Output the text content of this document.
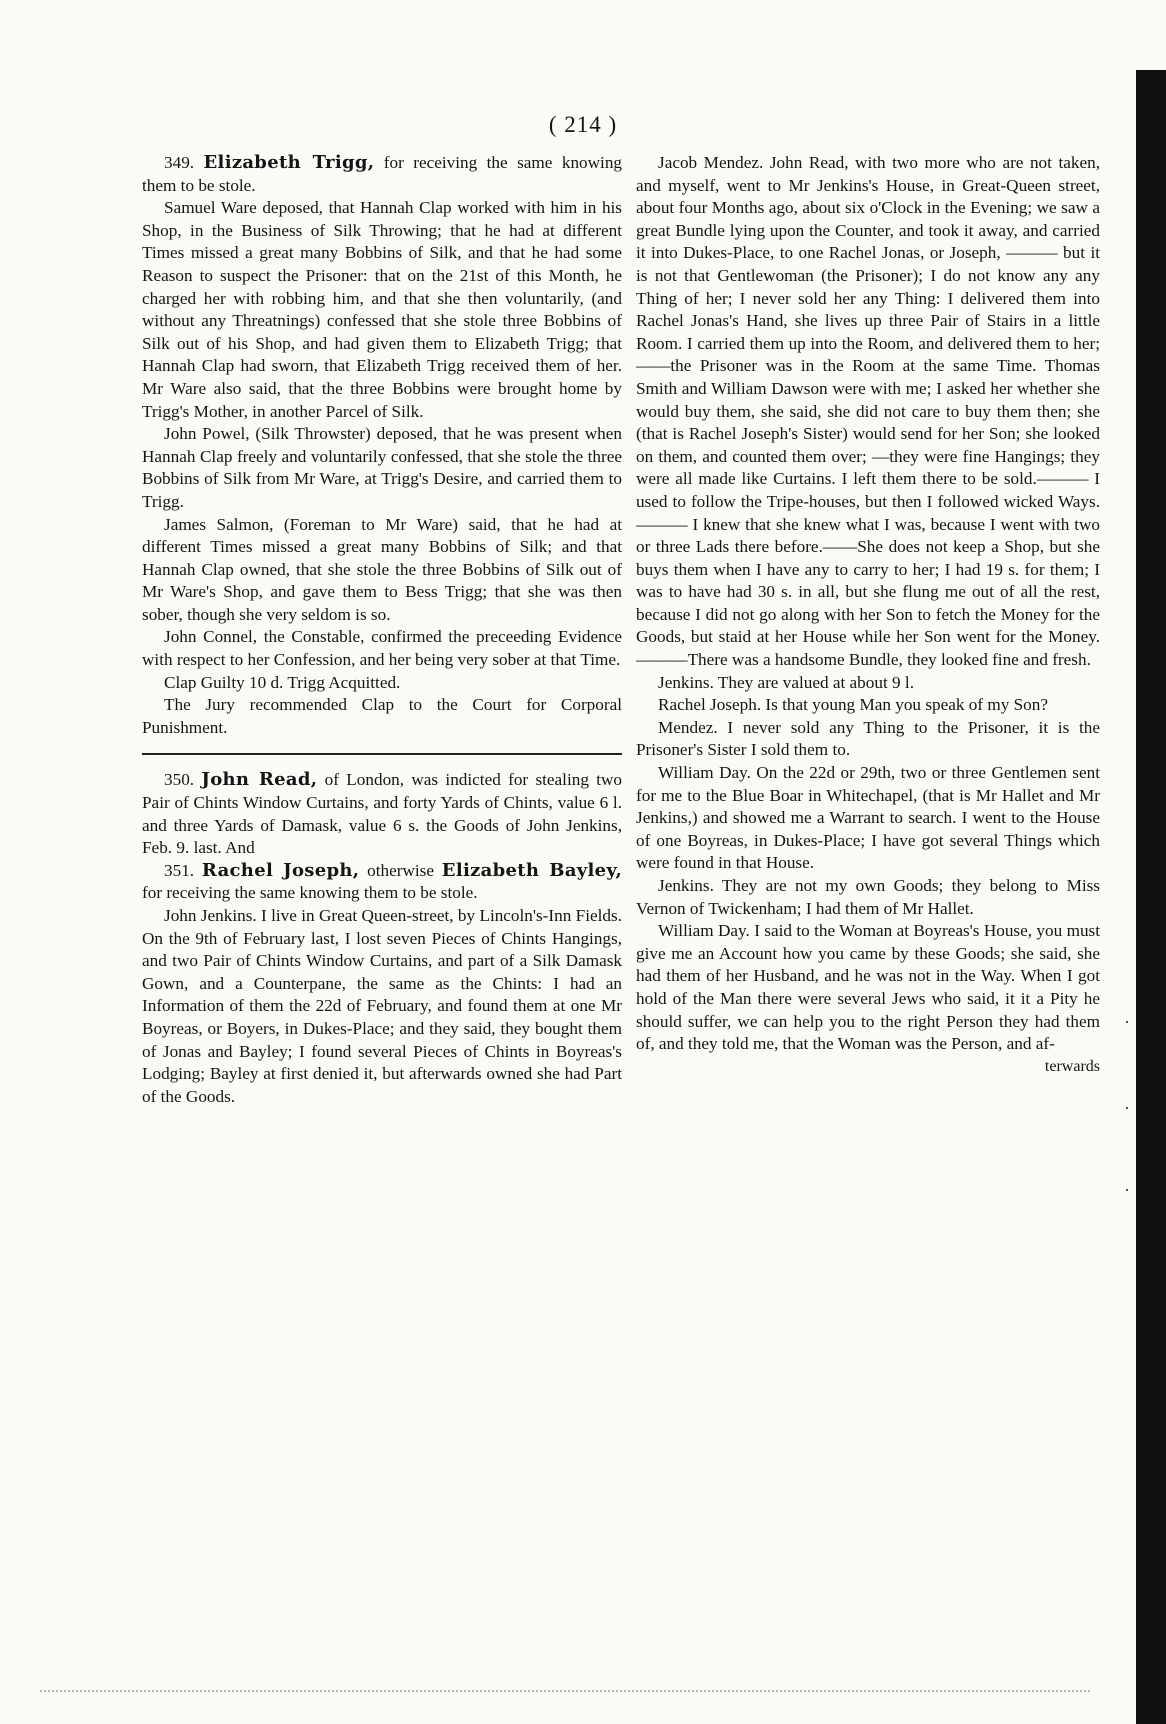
( 214 )

349. Elizabeth Trigg, for receiving the same knowing them to be stole.

Samuel Ware deposed, that Hannah Clap worked with him in his Shop, in the Business of Silk Throwing; that he had at different Times missed a great many Bobbins of Silk, and that he had some Reason to suspect the Prisoner: that on the 21st of this Month, he charged her with robbing him, and that she then voluntarily, (and without any Threatnings) confessed that she stole three Bobbins of Silk out of his Shop, and had given them to Elizabeth Trigg; that Hannah Clap had sworn, that Elizabeth Trigg received them of her. Mr Ware also said, that the three Bobbins were brought home by Trigg's Mother, in another Parcel of Silk.

John Powel, (Silk Throwster) deposed, that he was present when Hannah Clap freely and voluntarily confessed, that she stole the three Bobbins of Silk from Mr Ware, at Trigg's Desire, and carried them to Trigg.

James Salmon, (Foreman to Mr Ware) said, that he had at different Times missed a great many Bobbins of Silk; and that Hannah Clap owned, that she stole the three Bobbins of Silk out of Mr Ware's Shop, and gave them to Bess Trigg; that she was then sober, though she very seldom is so.

John Connel, the Constable, confirmed the preceeding Evidence with respect to her Confession, and her being very sober at that Time.

Clap Guilty 10 d. Trigg Acquitted.

The Jury recommended Clap to the Court for Corporal Punishment.

350. John Read, of London, was indicted for stealing two Pair of Chints Window Curtains, and forty Yards of Chints, value 6 l. and three Yards of Damask, value 6 s. the Goods of John Jenkins, Feb. 9. last. And

351. Rachel Joseph, otherwise Elizabeth Bayley, for receiving the same knowing them to be stole.

John Jenkins. I live in Great Queen-street, by Lincoln's-Inn Fields. On the 9th of February last, I lost seven Pieces of Chints Hangings, and two Pair of Chints Window Curtains, and part of a Silk Damask Gown, and a Counterpane, the same as the Chints: I had an Information of them the 22d of February, and found them at one Mr Boyreas, or Boyers, in Dukes-Place; and they said, they bought them of Jonas and Bayley; I found several Pieces of Chints in Boyreas's Lodging; Bayley at first denied it, but afterwards owned she had Part of the Goods.

Jacob Mendez. John Read, with two more who are not taken, and myself, went to Mr Jenkins's House, in Great-Queen street, about four Months ago, about six o'Clock in the Evening; we saw a great Bundle lying upon the Counter, and took it away, and carried it into Dukes-Place, to one Rachel Jonas, or Joseph, ——— but it is not that Gentlewoman (the Prisoner); I do not know any any Thing of her; I never sold her any Thing: I delivered them into Rachel Jonas's Hand, she lives up three Pair of Stairs in a little Room. I carried them up into the Room, and delivered them to her; ——the Prisoner was in the Room at the same Time. Thomas Smith and William Dawson were with me; I asked her whether she would buy them, she said, she did not care to buy them then; she (that is Rachel Joseph's Sister) would send for her Son; she looked on them, and counted them over; —they were fine Hangings; they were all made like Curtains. I left them there to be sold.——— I used to follow the Tripe-houses, but then I followed wicked Ways.——— I knew that she knew what I was, because I went with two or three Lads there before.——She does not keep a Shop, but she buys them when I have any to carry to her; I had 19 s. for them; I was to have had 30 s. in all, but she flung me out of all the rest, because I did not go along with her Son to fetch the Money for the Goods, but staid at her House while her Son went for the Money.———There was a handsome Bundle, they looked fine and fresh.

Jenkins. They are valued at about 9 l.

Rachel Joseph. Is that young Man you speak of my Son?

Mendez. I never sold any Thing to the Prisoner, it is the Prisoner's Sister I sold them to.

William Day. On the 22d or 29th, two or three Gentlemen sent for me to the Blue Boar in Whitechapel, (that is Mr Hallet and Mr Jenkins,) and showed me a Warrant to search. I went to the House of one Boyreas, in Dukes-Place; I have got several Things which were found in that House.

Jenkins. They are not my own Goods; they belong to Miss Vernon of Twickenham; I had them of Mr Hallet.

William Day. I said to the Woman at Boyreas's House, you must give me an Account how you came by these Goods; she said, she had them of her Husband, and he was not in the Way. When I got hold of the Man there were several Jews who said, it it a Pity he should suffer, we can help you to the right Person they had them of, and they told me, that the Woman was the Person, and af-

terwards
·
·
·
